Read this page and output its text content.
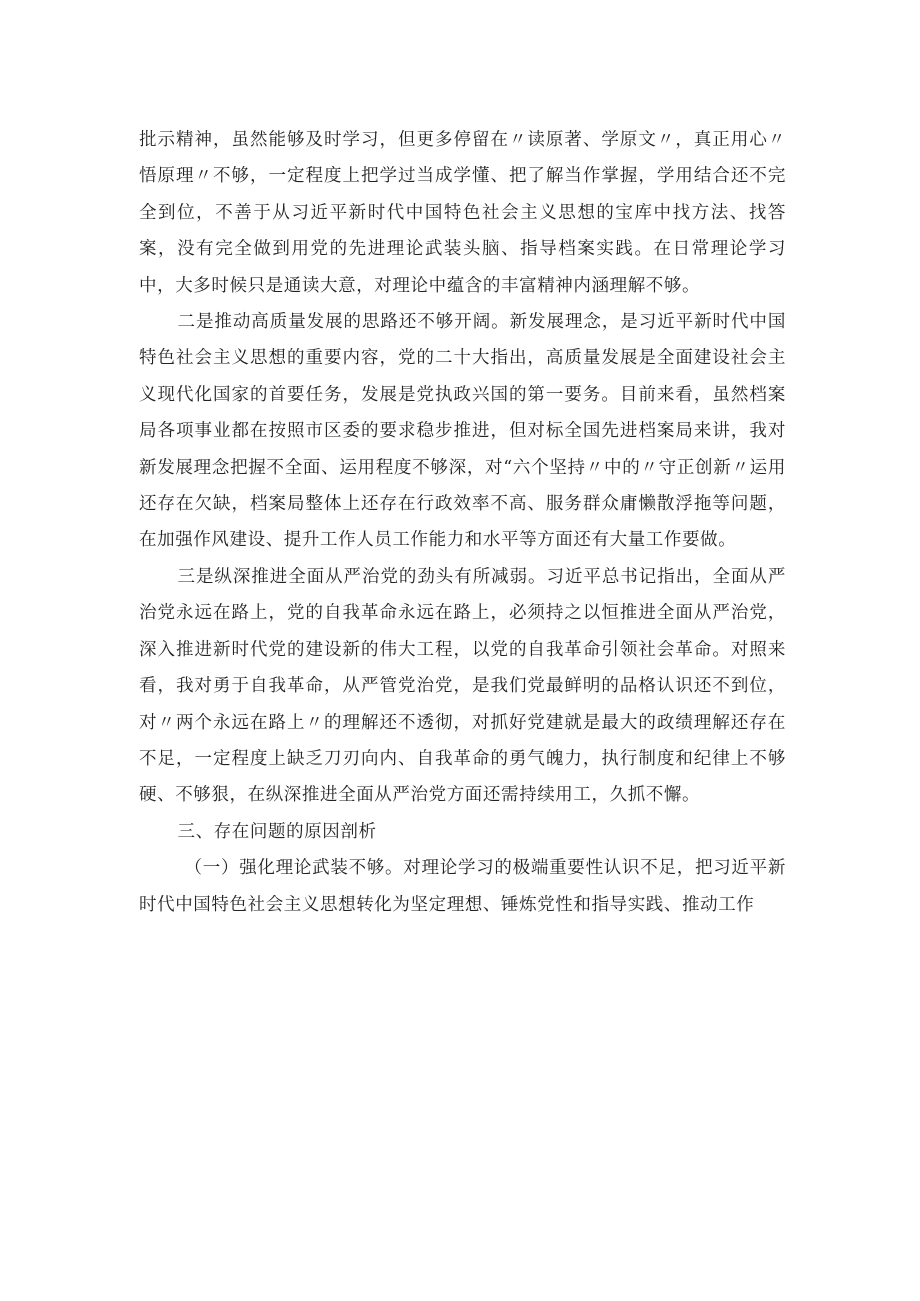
批示精神，虽然能够及时学习，但更多停留在〃读原著、学原文〃，真正用心〃悟原理〃不够，一定程度上把学过当成学懂、把了解当作掌握，学用结合还不完全到位，不善于从习近平新时代中国特色社会主义思想的宝库中找方法、找答案，没有完全做到用党的先进理论武装头脑、指导档案实践。在日常理论学习中，大多时候只是通读大意，对理论中蕴含的丰富精神内涵理解不够。

二是推动高质量发展的思路还不够开阔。新发展理念，是习近平新时代中国特色社会主义思想的重要内容，党的二十大指出，高质量发展是全面建设社会主义现代化国家的首要任务，发展是党执政兴国的第一要务。目前来看，虽然档案局各项事业都在按照市区委的要求稳步推进，但对标全国先进档案局来讲，我对新发展理念把握不全面、运用程度不够深，对“六个坚持〃中的〃守正创新〃运用还存在欠缺，档案局整体上还存在行政效率不高、服务群众庸懒散浮拖等问题，在加强作风建设、提升工作人员工作能力和水平等方面还有大量工作要做。

三是纵深推进全面从严治党的劲头有所减弱。习近平总书记指出，全面从严治党永远在路上，党的自我革命永远在路上，必须持之以恒推进全面从严治党，深入推进新时代党的建设新的伟大工程，以党的自我革命引领社会革命。对照来看，我对勇于自我革命，从严管党治党，是我们党最鲜明的品格认识还不到位，对〃两个永远在路上〃的理解还不透彻，对抓好党建就是最大的政绩理解还存在不足，一定程度上缺乏刀刃向内、自我革命的勇气魄力，执行制度和纪律上不够硬、不够狠，在纵深推进全面从严治党方面还需持续用工，久抓不懈。

三、存在问题的原因剖析

（一）强化理论武装不够。对理论学习的极端重要性认识不足，把习近平新时代中国特色社会主义思想转化为坚定理想、锤炼党性和指导实践、推动工作
